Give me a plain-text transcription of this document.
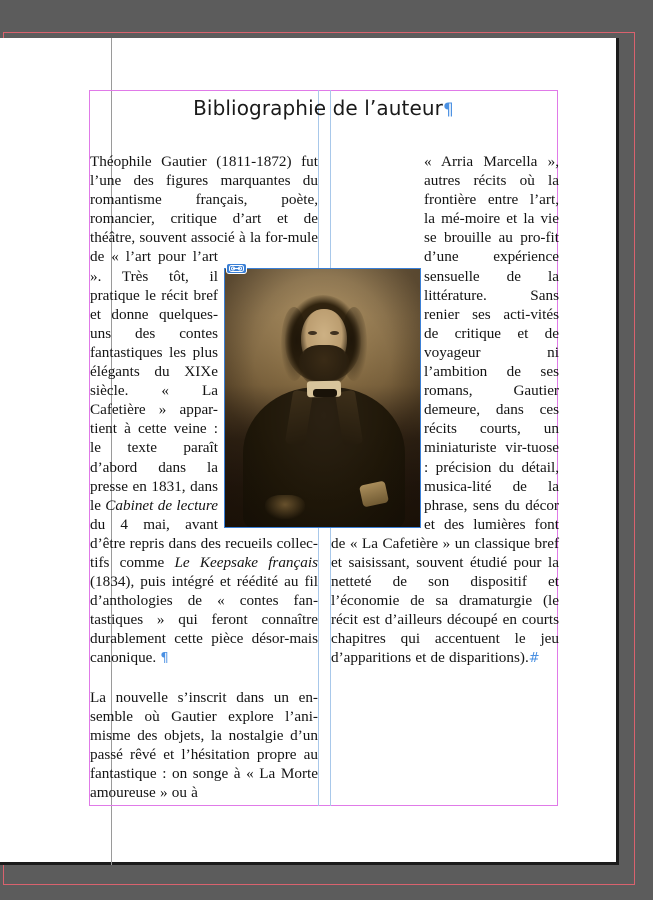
Bibliographie de l’auteur¶

Théophile Gautier (1811-1872) fut l’une des figures marquantes du romantisme français, poète, romancier, critique d’art et de théâtre, souvent associé à la for-mule de « l’art pour l’art ». Très tôt, il pratique le récit bref et donne quelques-uns des contes fantastiques les plus élégants du XIXe siècle. « La Cafetière » appar-tient à cette veine : le texte paraît d’abord dans la presse en 1831, dans le Cabinet de lecture du 4 mai, avant d’être repris dans des recueils collec-tifs comme Le Keepsake français (1834), puis intégré et réédité au fil d’anthologies de « contes fan-tastiques » qui feront connaître durablement cette pièce désor-mais canonique. ¶

La nouvelle s’inscrit dans un en-semble où Gautier explore l’ani-misme des objets, la nostalgie d’un passé rêvé et l’hésitation propre au fantastique : on songe à « La Morte amoureuse » ou à

« Arria Marcella », autres récits où la frontière entre l’art, la mé-moire et la vie se brouille au pro-fit d’une expérience sensuelle de la littérature. Sans renier ses acti-vités de critique et de voyageur ni l’ambition de ses romans, Gautier demeure, dans ces récits courts, un miniaturiste vir-tuose : précision du détail, musica-lité de la phrase, sens du décor et des lumières font de « La Cafetière » un classique bref et saisissant, souvent étudié pour la netteté de son dispositif et l’économie de sa dramaturgie (le récit est d’ailleurs découpé en courts chapitres qui accentuent le jeu d’apparitions et de disparitions).#
